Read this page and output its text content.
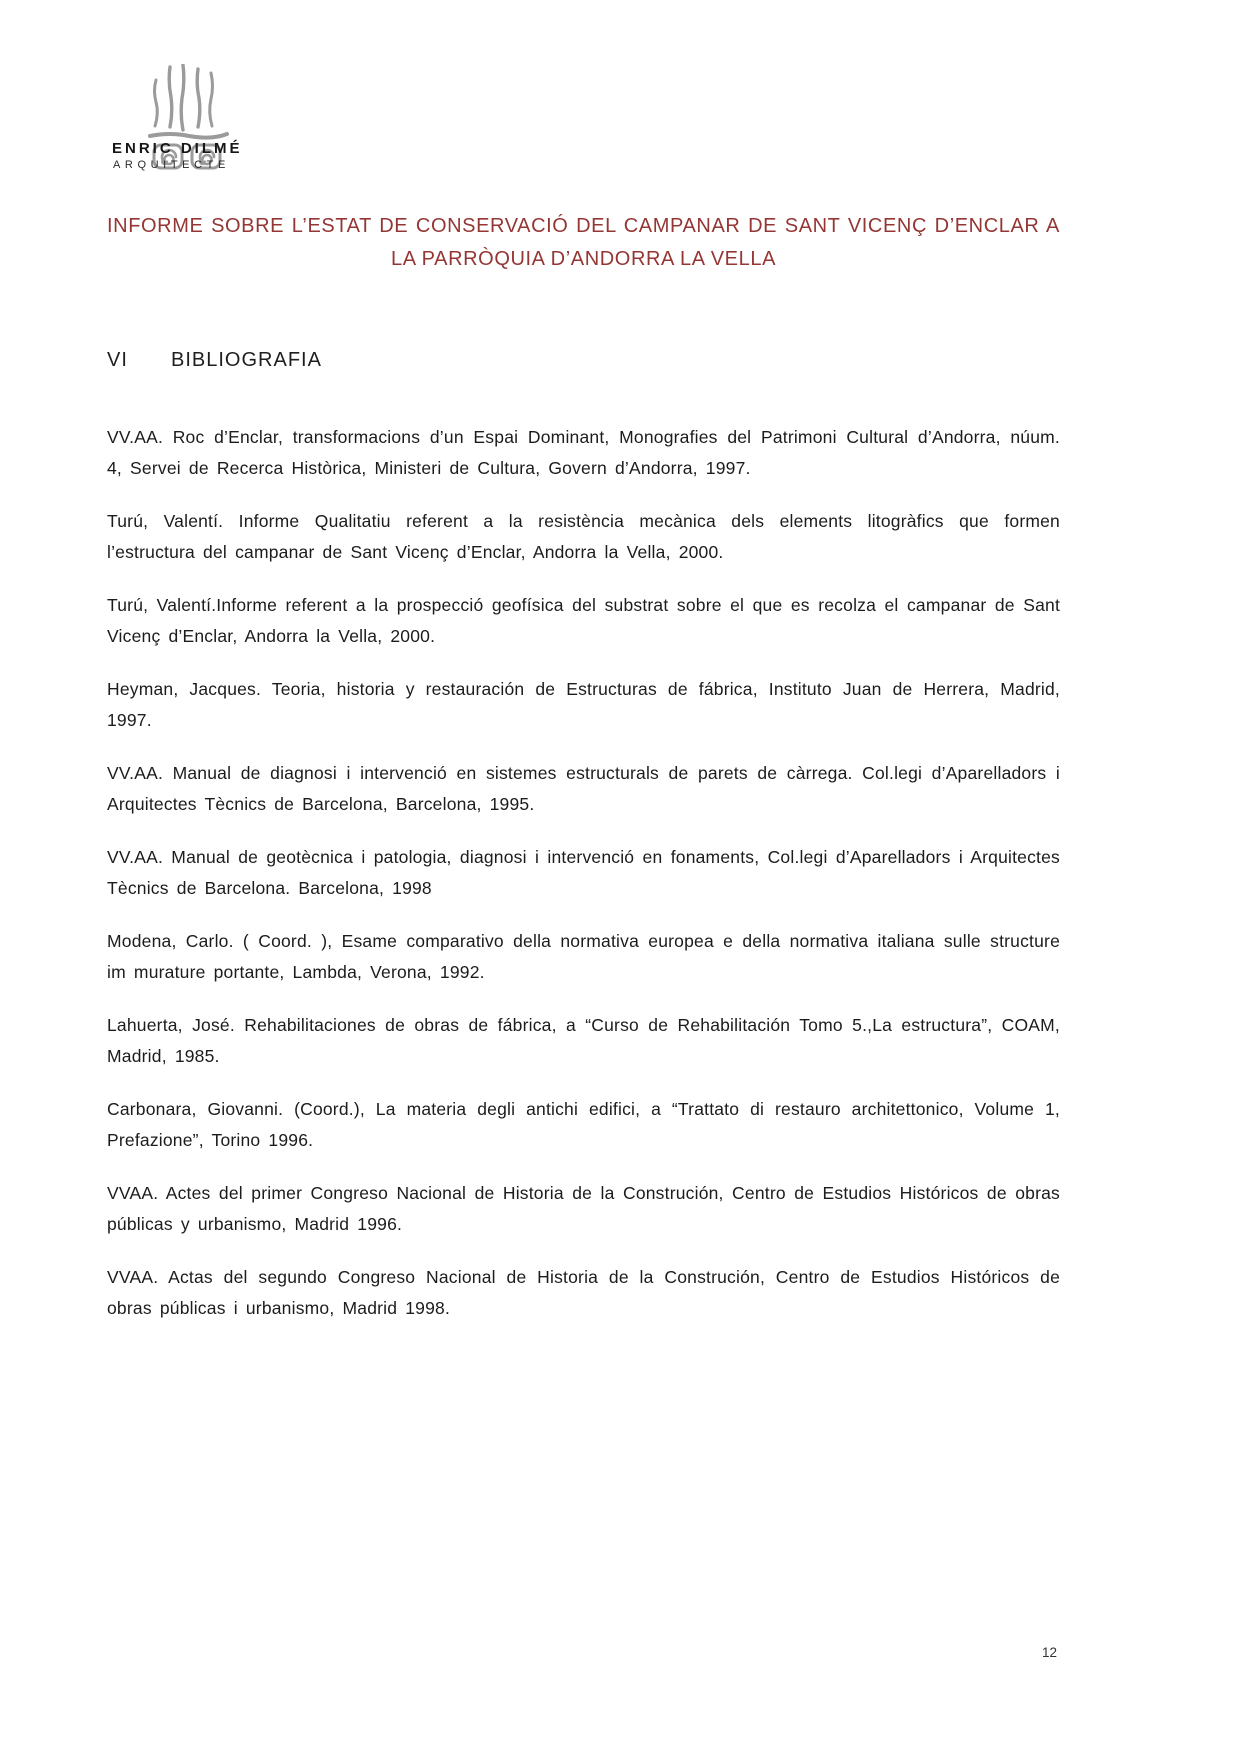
ENRIC DILMÉ
ARQUITECTE
INFORME SOBRE L’ESTAT DE CONSERVACIÓ DEL CAMPANAR DE SANT VICENÇ D’ENCLAR A
LA PARRÒQUIA D’ANDORRA LA VELLA
VI BIBLIOGRAFIA

VV.AA. Roc d’Enclar, transformacions d’un Espai Dominant, Monografies del Patrimoni Cultural d’Andorra, núum. 4, Servei de Recerca Històrica, Ministeri de Cultura, Govern d’Andorra, 1997.

Turú, Valentí. Informe Qualitatiu referent a la resistència mecànica dels elements litogràfics que formen l’estructura del campanar de Sant Vicenç d’Enclar, Andorra la Vella, 2000.

Turú, Valentí.Informe referent a la prospecció geofísica del substrat sobre el que es recolza el campanar de Sant Vicenç d’Enclar, Andorra la Vella, 2000.

Heyman, Jacques. Teoria, historia y restauración de Estructuras de fábrica, Instituto Juan de Herrera, Madrid, 1997.

VV.AA. Manual de diagnosi i intervenció en sistemes estructurals de parets de càrrega. Col.legi d’Aparelladors i Arquitectes Tècnics de Barcelona, Barcelona, 1995.

VV.AA. Manual de geotècnica i patologia, diagnosi i intervenció en fonaments, Col.legi d’Aparelladors i Arquitectes Tècnics de Barcelona. Barcelona, 1998

Modena, Carlo. ( Coord. ), Esame comparativo della normativa europea e della normativa italiana sulle structure im murature portante, Lambda, Verona, 1992.

Lahuerta, José. Rehabilitaciones de obras de fábrica, a “Curso de Rehabilitación Tomo 5.,La estructura”, COAM, Madrid, 1985.

Carbonara, Giovanni. (Coord.), La materia degli antichi edifici, a “Trattato di restauro architettonico, Volume 1, Prefazione”, Torino 1996.

VVAA. Actes del primer Congreso Nacional de Historia de la Construción, Centro de Estudios Históricos de obras públicas y urbanismo, Madrid 1996.

VVAA. Actas del segundo Congreso Nacional de Historia de la Construción, Centro de Estudios Históricos de obras públicas i urbanismo, Madrid 1998.

12
